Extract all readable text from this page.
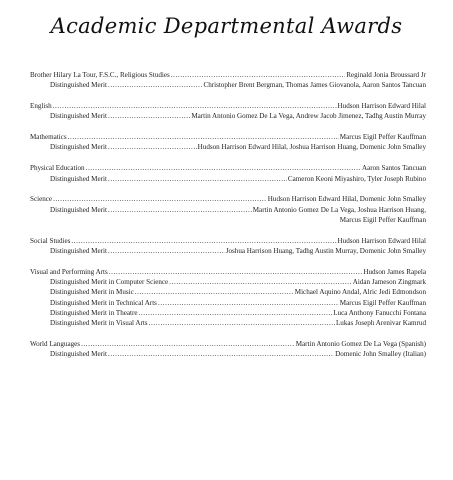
Academic Departmental Awards
Brother Hilary La Tour, F.S.C., Religious Studies .....	Reginald Jonia Broussard Jr
Distinguished Merit .....	Christopher Brent Bergman, Thomas James Giovanola, Aaron Santos Tancuan
English .....	Hudson Harrison Edward Hilal
Distinguished Merit .....	Martin Antonio Gomez De La Vega, Andrew Jacob Jimenez, Tadhg Austin Murray
Mathematics .....	Marcus Eigil Peffer Kauffman
Distinguished Merit .....	Hudson Harrison Edward Hilal, Joshua Harrison Huang, Domenic John Smalley
Physical Education .....	Aaron Santos Tancuan
Distinguished Merit .....	Cameron Keoni Miyashiro, Tyler Joseph Rubino
Science .....	Hudson Harrison Edward Hilal, Domenic John Smalley
Distinguished Merit .....	Martin Antonio Gomez De La Vega, Joshua Harrison Huang,
Marcus Eigil Peffer Kauffman
Social Studies .....	Hudson Harrison Edward Hilal
Distinguished Merit .....	Joshua Harrison Huang, Tadhg Austin Murray, Domenic John Smalley
Visual and Performing Arts .....	Hudson James Rapela
Distinguished Merit in Computer Science .....	Aidan Jameson Zingmark
Distinguished Merit in Music .....	Michael Aquino Andal, Alric Jedi Edmondson
Distinguished Merit in Technical Arts .....	Marcus Eigil Peffer Kauffman
Distinguished Merit in Theatre .....	Luca Anthony Fanucchi Fontana
Distinguished Merit in Visual Arts .....	Lukas Joseph Arenivar Kamrud
World Languages .....	Martin Antonio Gomez De La Vega (Spanish)
Distinguished Merit .....	Domenic John Smalley (Italian)
